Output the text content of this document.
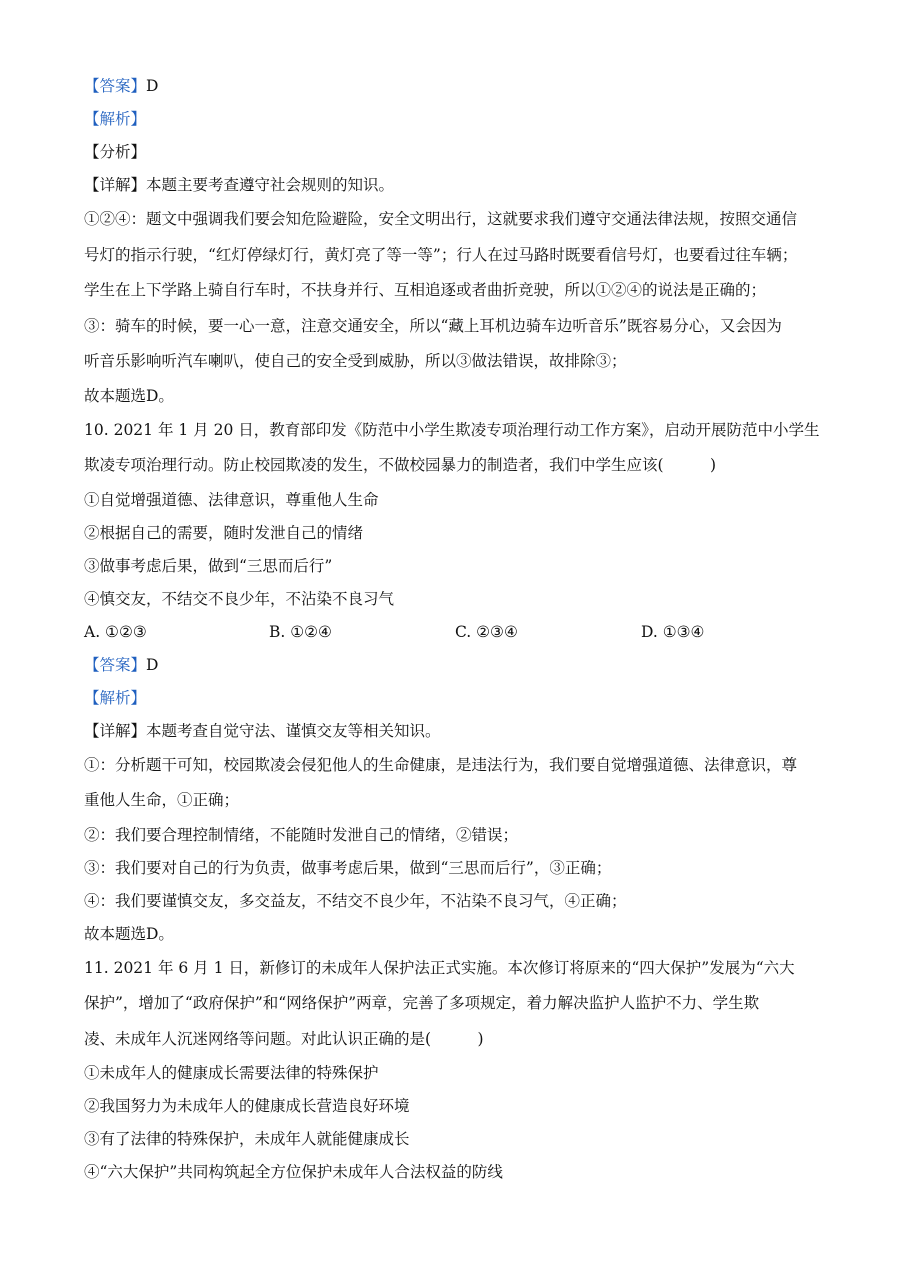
【答案】D
【解析】
【分析】
【详解】本题主要考查遵守社会规则的知识。
①②④：题文中强调我们要会知危险避险，安全文明出行，这就要求我们遵守交通法律法规，按照交通信
号灯的指示行驶，“红灯停绿灯行，黄灯亮了等一等”；行人在过马路时既要看信号灯，也要看过往车辆；
学生在上下学路上骑自行车时，不扶身并行、互相追逐或者曲折竞驶，所以①②④的说法是正确的；
③：骑车的时候，要一心一意，注意交通安全，所以“藏上耳机边骑车边听音乐”既容易分心，又会因为
听音乐影响听汽车喇叭，使自己的安全受到威胁，所以③做法错误，故排除③；
故本题选D。
10. 2021 年 1 月 20 日，教育部印发《防范中小学生欺凌专项治理行动工作方案》，启动开展防范中小学生
欺凌专项治理行动。防止校园欺凌的发生，不做校园暴力的制造者，我们中学生应该(　　　)
①自觉增强道德、法律意识，尊重他人生命
②根据自己的需要，随时发泄自己的情绪
③做事考虑后果，做到“三思而后行”
④慎交友，不结交不良少年，不沾染不良习气
A. ①②③	B. ①②④	C. ②③④	D. ①③④
【答案】D
【解析】
【详解】本题考查自觉守法、谨慎交友等相关知识。
①：分析题干可知，校园欺凌会侵犯他人的生命健康，是违法行为，我们要自觉增强道德、法律意识，尊
重他人生命，①正确；
②：我们要合理控制情绪，不能随时发泄自己的情绪，②错误；
③：我们要对自己的行为负责，做事考虑后果，做到“三思而后行”，③正确；
④：我们要谨慎交友，多交益友，不结交不良少年，不沾染不良习气，④正确；
故本题选D。
11. 2021 年 6 月 1 日，新修订的未成年人保护法正式实施。本次修订将原来的“四大保护”发展为“六大
保护”，增加了“政府保护”和“网络保护”两章，完善了多项规定，着力解决监护人监护不力、学生欺
凌、未成年人沉迷网络等问题。对此认识正确的是(　　　)
①未成年人的健康成长需要法律的特殊保护
②我国努力为未成年人的健康成长营造良好环境
③有了法律的特殊保护，未成年人就能健康成长
④“六大保护”共同构筑起全方位保护未成年人合法权益的防线
